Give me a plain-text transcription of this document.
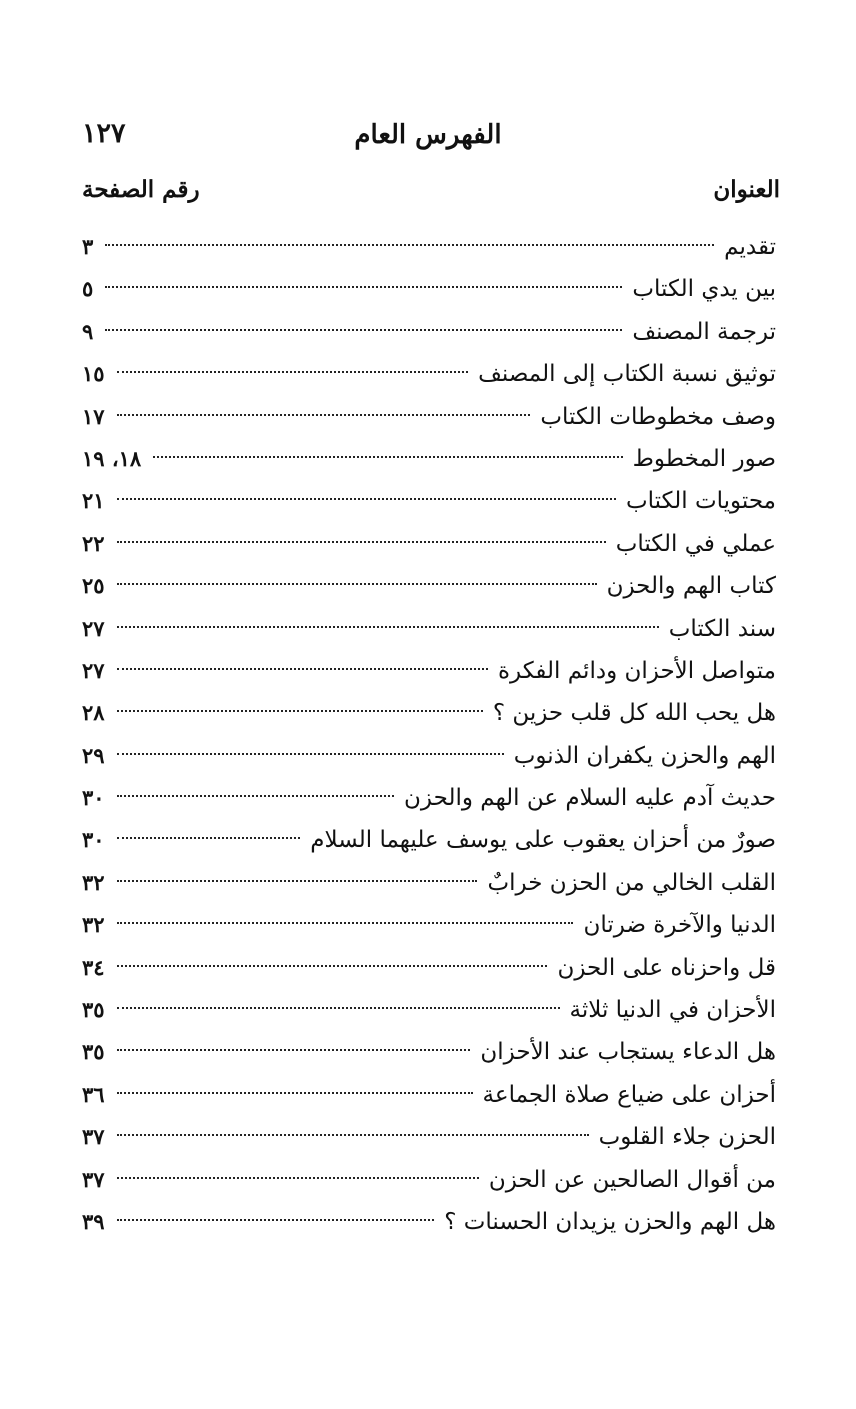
١٢٧	الفهرس العام
العنوان
رقم الصفحة
تقديم
٣
بين يدي الكتاب
٥
ترجمة المصنف
٩
توثيق نسبة الكتاب إلى المصنف
١٥
وصف مخطوطات الكتاب
١٧
صور المخطوط
١٨، ١٩
محتويات الكتاب
٢١
عملي في الكتاب
٢٢
كتاب الهم والحزن
٢٥
سند الكتاب
٢٧
متواصل الأحزان ودائم الفكرة
٢٧
هل يحب الله كل قلب حزين ؟
٢٨
الهم والحزن يكفران الذنوب
٢٩
حديث آدم عليه السلام عن الهم والحزن
٣٠
صورٌ من أحزان يعقوب على يوسف عليهما السلام
٣٠
القلب الخالي من الحزن خرابٌ
٣٢
الدنيا والآخرة ضرتان
٣٢
قل واحزناه على الحزن
٣٤
الأحزان في الدنيا ثلاثة
٣٥
هل الدعاء يستجاب عند الأحزان
٣٥
أحزان على ضياع صلاة الجماعة
٣٦
الحزن جلاء القلوب
٣٧
من أقوال الصالحين عن الحزن
٣٧
هل الهم والحزن يزيدان الحسنات ؟
٣٩
